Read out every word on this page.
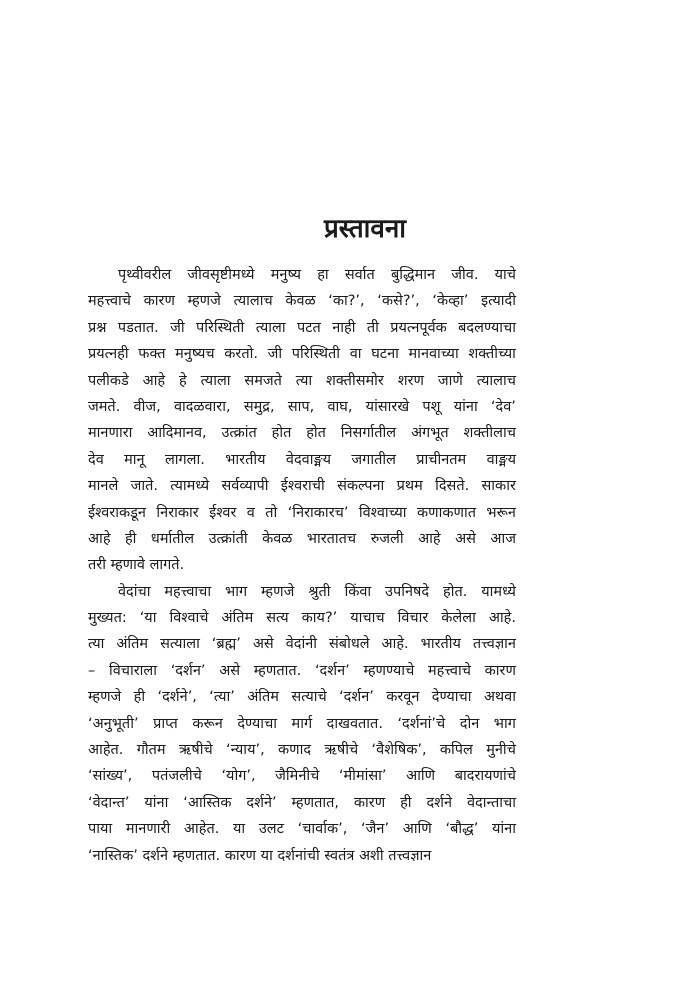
प्रस्तावना
पृथ्वीवरील जीवसृष्टीमध्ये मनुष्य हा सर्वात बुद्धिमान जीव. याचे
महत्त्वाचे कारण म्हणजे त्यालाच केवळ ‘का?’, ‘कसे?’, ‘केव्हा’ इत्यादी
प्रश्न पडतात. जी परिस्थिती त्याला पटत नाही ती प्रयत्नपूर्वक बदलण्याचा
प्रयत्नही फक्त मनुष्यच करतो. जी परिस्थिती वा घटना मानवाच्या शक्तीच्या
पलीकडे आहे हे त्याला समजते त्या शक्तीसमोर शरण जाणे त्यालाच
जमते. वीज, वादळवारा, समुद्र, साप, वाघ, यांसारखे पशू यांना ‘देव’
मानणारा आदिमानव, उत्क्रांत होत होत निसर्गातील अंगभूत शक्तीलाच
देव मानू लागला. भारतीय वेदवाङ्मय जगातील प्राचीनतम वाङ्मय
मानले जाते. त्यामध्ये सर्वव्यापी ईश्वराची संकल्पना प्रथम दिसते. साकार
ईश्वराकडून निराकार ईश्वर व तो ‘निराकारच’ विश्वाच्या कणाकणात भरून
आहे ही धर्मातील उत्क्रांती केवळ भारतातच रुजली आहे असे आज
तरी म्हणावे लागते.
वेदांचा महत्त्वाचा भाग म्हणजे श्रुती किंवा उपनिषदे होत. यामध्ये
मुख्यत: ‘या विश्वाचे अंतिम सत्य काय?’ याचाच विचार केलेला आहे.
त्या अंतिम सत्याला ‘ब्रह्म’ असे वेदांनी संबोधले आहे. भारतीय तत्त्वज्ञान
– विचाराला ‘दर्शन’ असे म्हणतात. ‘दर्शन’ म्हणण्याचे महत्त्वाचे कारण
म्हणजे ही ‘दर्शने’, ‘त्या’ अंतिम सत्याचे ‘दर्शन’ करवून देण्याचा अथवा
‘अनुभूती’ प्राप्त करून देण्याचा मार्ग दाखवतात. ‘दर्शनां’चे दोन भाग
आहेत. गौतम ऋषीचे ‘न्याय’, कणाद ऋषीचे ‘वैशेषिक’, कपिल मुनीचे
‘सांख्य’, पतंजलीचे ‘योग’, जैमिनीचे ‘मीमांसा’ आणि बादरायणांचे
‘वेदान्त’ यांना ‘आस्तिक दर्शने’ म्हणतात, कारण ही दर्शने वेदान्ताचा
पाया मानणारी आहेत. या उलट ‘चार्वाक’, ‘जैन’ आणि ‘बौद्ध’ यांना
‘नास्तिक’ दर्शने म्हणतात. कारण या दर्शनांची स्वतंत्र अशी तत्त्वज्ञान
